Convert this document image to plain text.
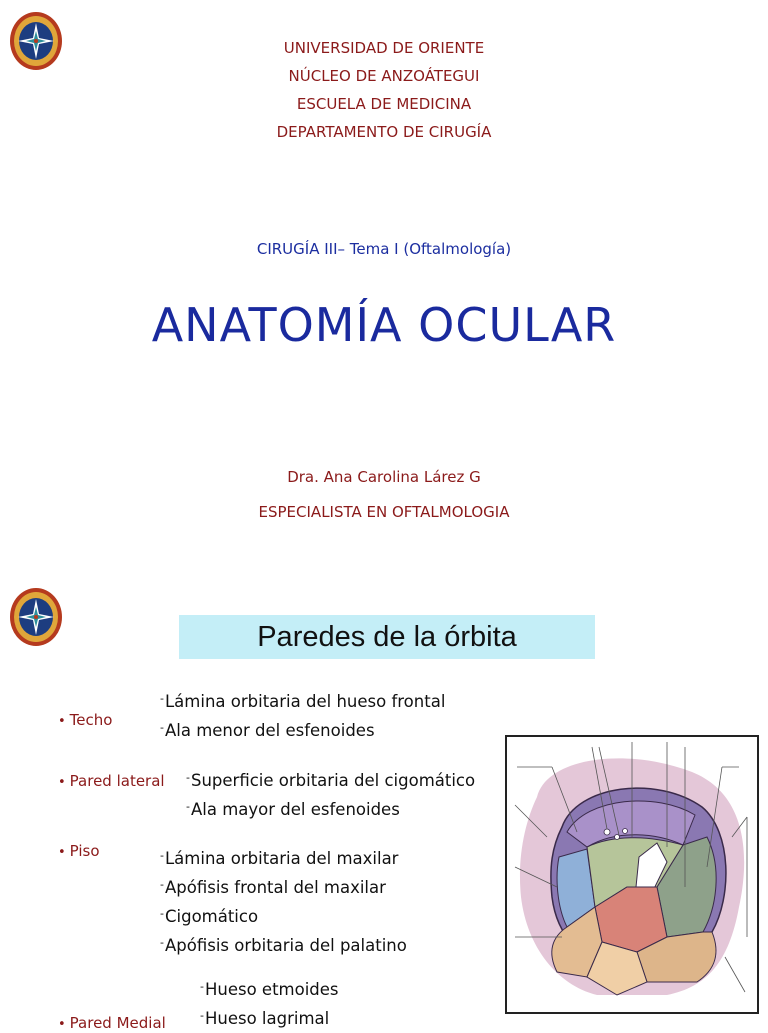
UNIVERSIDAD DE ORIENTE
NÚCLEO DE ANZOÁTEGUI
ESCUELA DE MEDICINA
DEPARTAMENTO DE CIRUGÍA
CIRUGÍA III– Tema I (Oftalmología)
ANATOMÍA OCULAR
Dra. Ana Carolina Lárez G
ESPECIALISTA EN OFTALMOLOGIA
Paredes de la órbita
• Techo
-Lámina orbitaria del hueso frontal
-Ala menor del esfenoides
• Pared lateral -Superficie orbitaria del cigomático
-Ala mayor del esfenoides
• Piso	-Lámina orbitaria del maxilar
-Apófisis frontal del maxilar
-Cigomático
-Apófisis orbitaria del palatino
-Hueso etmoides
-Hueso lagrimal
• Pared Medial
